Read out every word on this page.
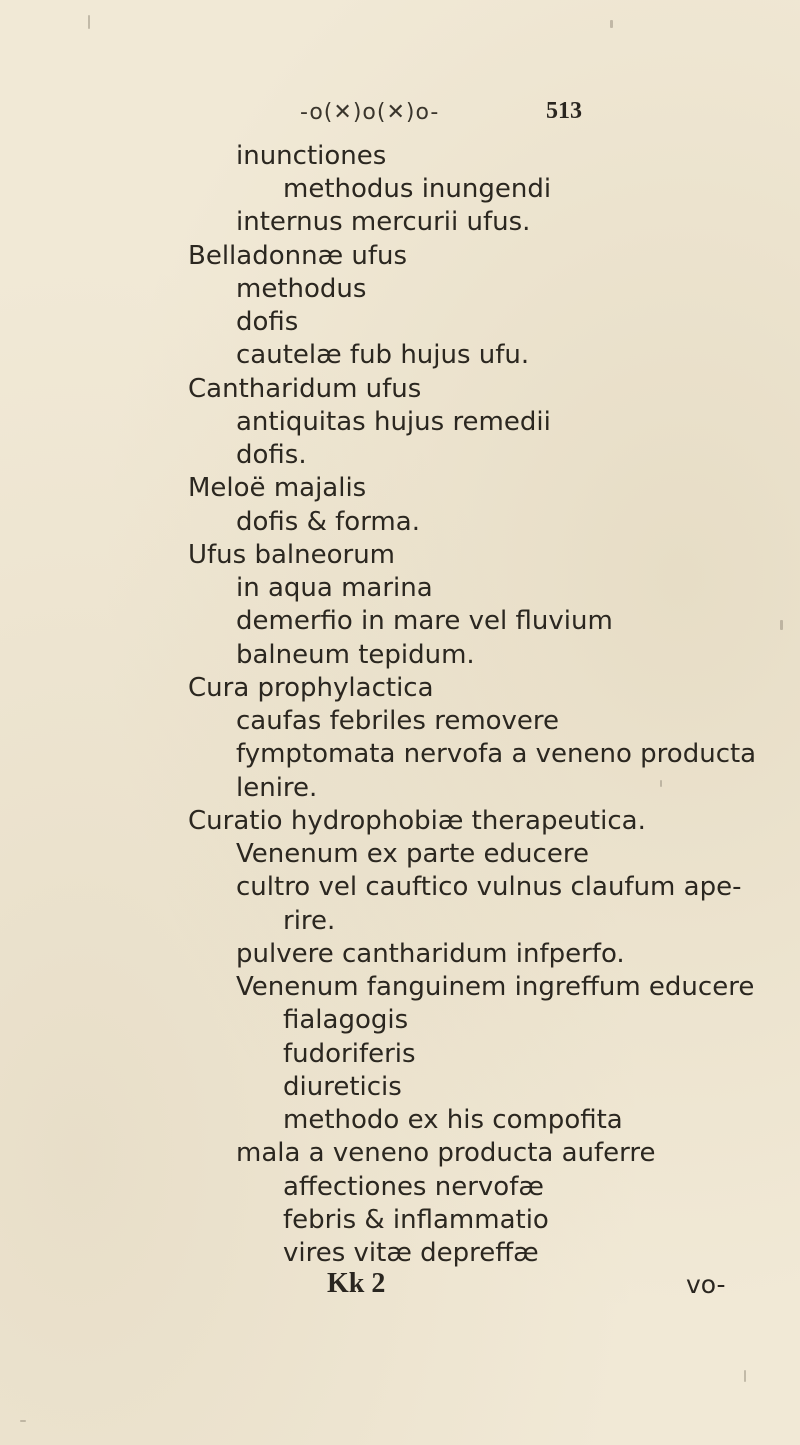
-o(✕)o(✕)o-	513
inunctiones
methodus inungendi
internus mercurii ufus.
Belladonnæ ufus
methodus
dofis
cautelæ fub hujus ufu.
Cantharidum ufus
antiquitas hujus remedii
dofis.
Meloë majalis
dofis & forma.
Ufus balneorum
in aqua marina
demerfio in mare vel fluvium
balneum tepidum.
Cura prophylactica
caufas febriles removere
fymptomata nervofa a veneno producta
lenire.
Curatio hydrophobiæ therapeutica.
Venenum ex parte educere
cultro vel cauftico vulnus claufum ape-
rire.
pulvere cantharidum infperfo.
Venenum fanguinem ingreffum educere
fialagogis
fudoriferis
diureticis
methodo ex his compofita
mala a veneno producta auferre
affectiones nervofæ
febris & inflammatio
vires vitæ depreffæ
Kk 2	vo-
